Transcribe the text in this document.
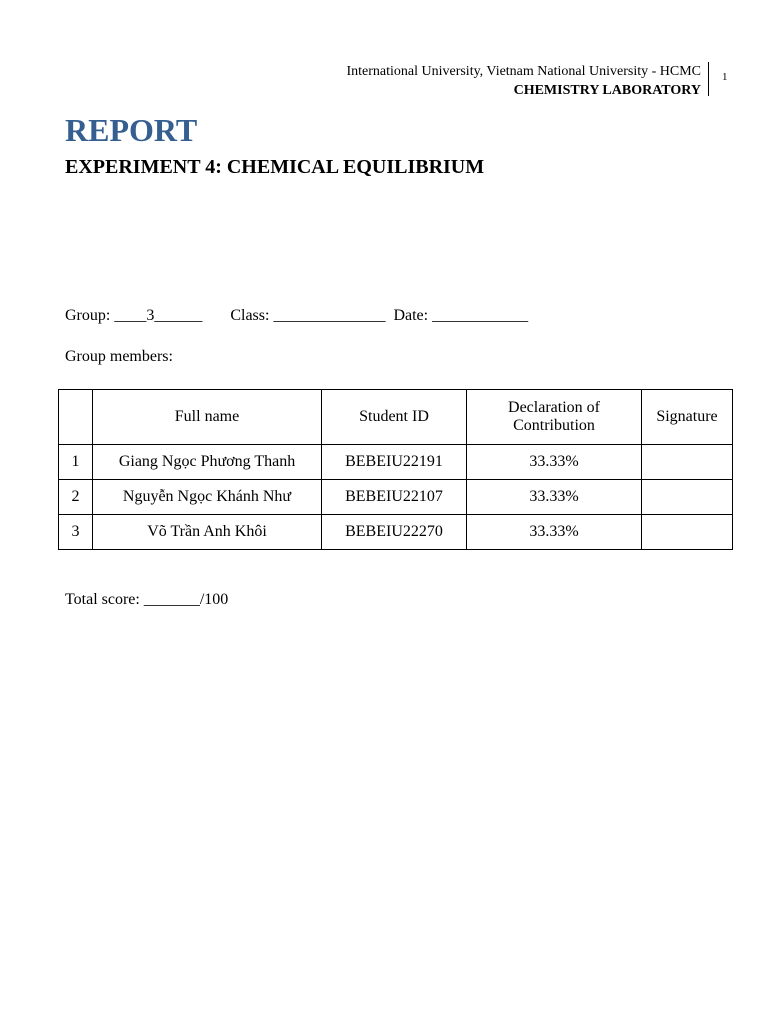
International University, Vietnam National University - HCMC
CHEMISTRY LABORATORY
1
REPORT
EXPERIMENT 4: CHEMICAL EQUILIBRIUM
Group: ____3______       Class: ______________  Date: ____________
Group members:
	Full name	Student ID	Declaration of Contribution	Signature
1	Giang Ngọc Phương Thanh	BEBEIU22191	33.33%	
2	Nguyễn Ngọc Khánh Như	BEBEIU22107	33.33%	
3	Võ Trần Anh Khôi	BEBEIU22270	33.33%	
Total score: _______/100
